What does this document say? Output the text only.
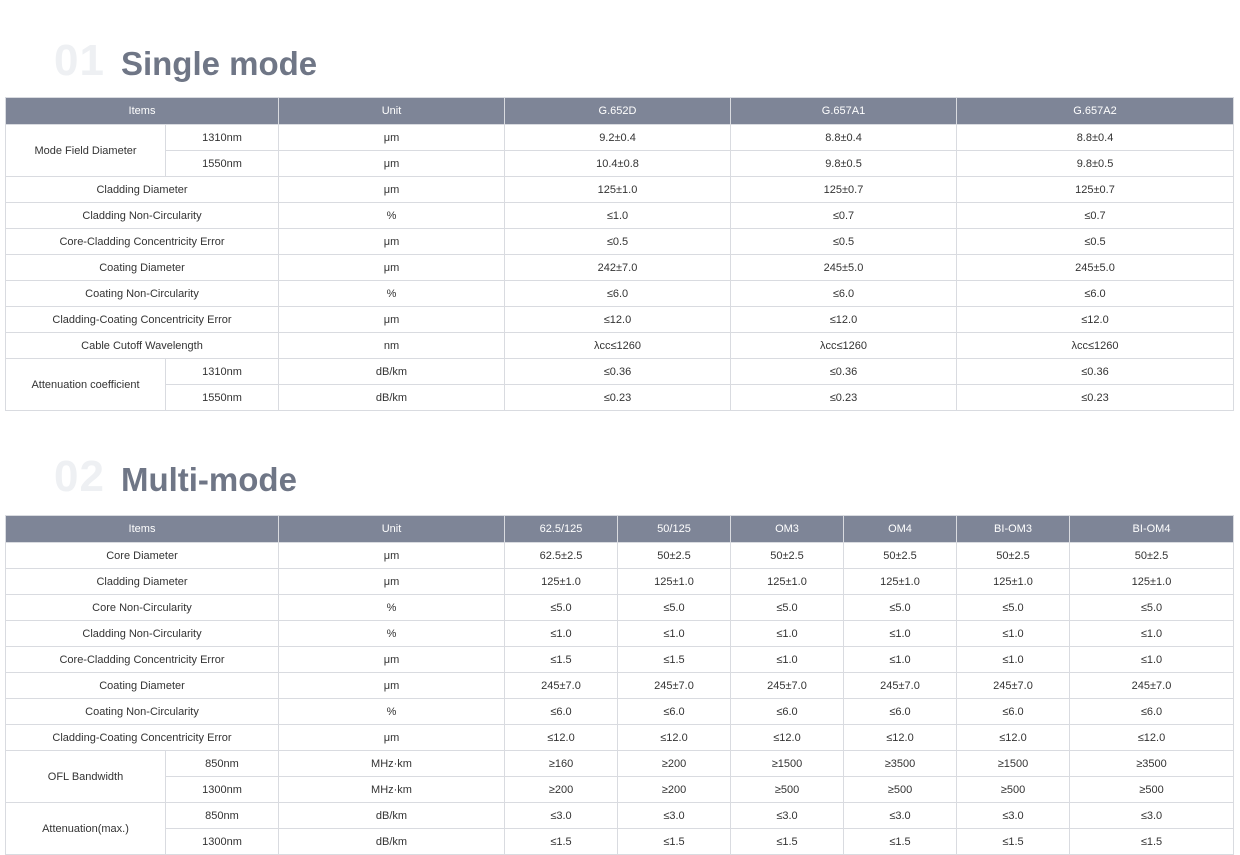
01 Single mode
Items		Unit	G.652D	G.657A1	G.657A2
Mode Field Diameter	1310nm	μm	9.2±0.4	8.8±0.4	8.8±0.4
	1550nm	μm	10.4±0.8	9.8±0.5	9.8±0.5
Cladding Diameter		μm	125±1.0	125±0.7	125±0.7
Cladding Non-Circularity		%	≤1.0	≤0.7	≤0.7
Core-Cladding Concentricity Error		μm	≤0.5	≤0.5	≤0.5
Coating Diameter		μm	242±7.0	245±5.0	245±5.0
Coating Non-Circularity		%	≤6.0	≤6.0	≤6.0
Cladding-Coating Concentricity Error		μm	≤12.0	≤12.0	≤12.0
Cable Cutoff Wavelength		nm	λcc≤1260	λcc≤1260	λcc≤1260
Attenuation coefficient	1310nm	dB/km	≤0.36	≤0.36	≤0.36
	1550nm	dB/km	≤0.23	≤0.23	≤0.23
02 Multi-mode
Items		Unit	62.5/125	50/125	OM3	OM4	BI-OM3	BI-OM4
Core Diameter		μm	62.5±2.5	50±2.5	50±2.5	50±2.5	50±2.5	50±2.5
Cladding Diameter		μm	125±1.0	125±1.0	125±1.0	125±1.0	125±1.0	125±1.0
Core Non-Circularity		%	≤5.0	≤5.0	≤5.0	≤5.0	≤5.0	≤5.0
Cladding Non-Circularity		%	≤1.0	≤1.0	≤1.0	≤1.0	≤1.0	≤1.0
Core-Cladding Concentricity Error		μm	≤1.5	≤1.5	≤1.0	≤1.0	≤1.0	≤1.0
Coating Diameter		μm	245±7.0	245±7.0	245±7.0	245±7.0	245±7.0	245±7.0
Coating Non-Circularity		%	≤6.0	≤6.0	≤6.0	≤6.0	≤6.0	≤6.0
Cladding-Coating Concentricity Error		μm	≤12.0	≤12.0	≤12.0	≤12.0	≤12.0	≤12.0
OFL Bandwidth	850nm	MHz·km	≥160	≥200	≥1500	≥3500	≥1500	≥3500
	1300nm	MHz·km	≥200	≥200	≥500	≥500	≥500	≥500
Attenuation(max.)	850nm	dB/km	≤3.0	≤3.0	≤3.0	≤3.0	≤3.0	≤3.0
	1300nm	dB/km	≤1.5	≤1.5	≤1.5	≤1.5	≤1.5	≤1.5
